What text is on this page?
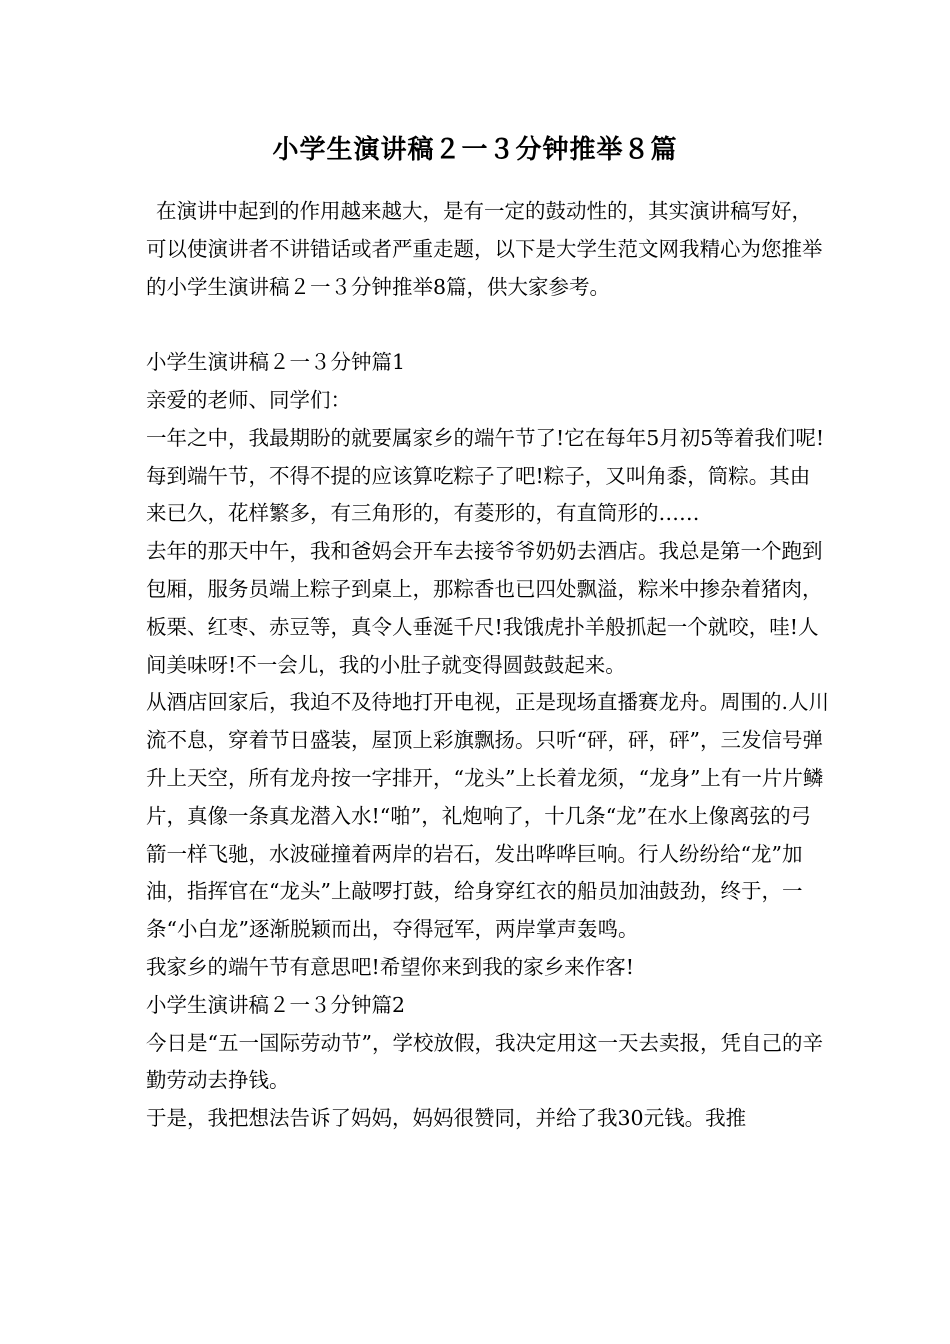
小学生演讲稿２一３分钟推举８篇

在演讲中起到的作用越来越大，是有一定的鼓动性的，其实演讲稿写好，可以使演讲者不讲错话或者严重走题，以下是大学生范文网我精心为您推举的小学生演讲稿２一３分钟推举8篇，供大家参考。

小学生演讲稿２一３分钟篇1

亲爱的老师、同学们：

一年之中，我最期盼的就要属家乡的端午节了!它在每年5月初5等着我们呢!

每到端午节，不得不提的应该算吃粽子了吧!粽子，又叫角黍，筒粽。其由来已久，花样繁多，有三角形的，有菱形的，有直筒形的……

去年的那天中午，我和爸妈会开车去接爷爷奶奶去酒店。我总是第一个跑到包厢，服务员端上粽子到桌上，那粽香也已四处飘溢，粽米中掺杂着猪肉，板栗、红枣、赤豆等，真令人垂涎千尺!我饿虎扑羊般抓起一个就咬，哇!人间美味呀!不一会儿，我的小肚子就变得圆鼓鼓起来。

从酒店回家后，我迫不及待地打开电视，正是现场直播赛龙舟。周围的.人川流不息，穿着节日盛装，屋顶上彩旗飘扬。只听“砰，砰，砰”，三发信号弹升上天空，所有龙舟按一字排开，“龙头”上长着龙须，“龙身”上有一片片鳞片，真像一条真龙潜入水!“啪”，礼炮响了，十几条“龙”在水上像离弦的弓箭一样飞驰，水波碰撞着两岸的岩石，发出哗哗巨响。行人纷纷给“龙”加油，指挥官在“龙头”上敲啰打鼓，给身穿红衣的船员加油鼓劲，终于，一条“小白龙”逐渐脱颖而出，夺得冠军，两岸掌声轰鸣。

我家乡的端午节有意思吧!希望你来到我的家乡来作客!

小学生演讲稿２一３分钟篇2

今日是“五一国际劳动节”，学校放假，我决定用这一天去卖报，凭自己的辛勤劳动去挣钱。

于是，我把想法告诉了妈妈，妈妈很赞同，并给了我30元钱。我推
